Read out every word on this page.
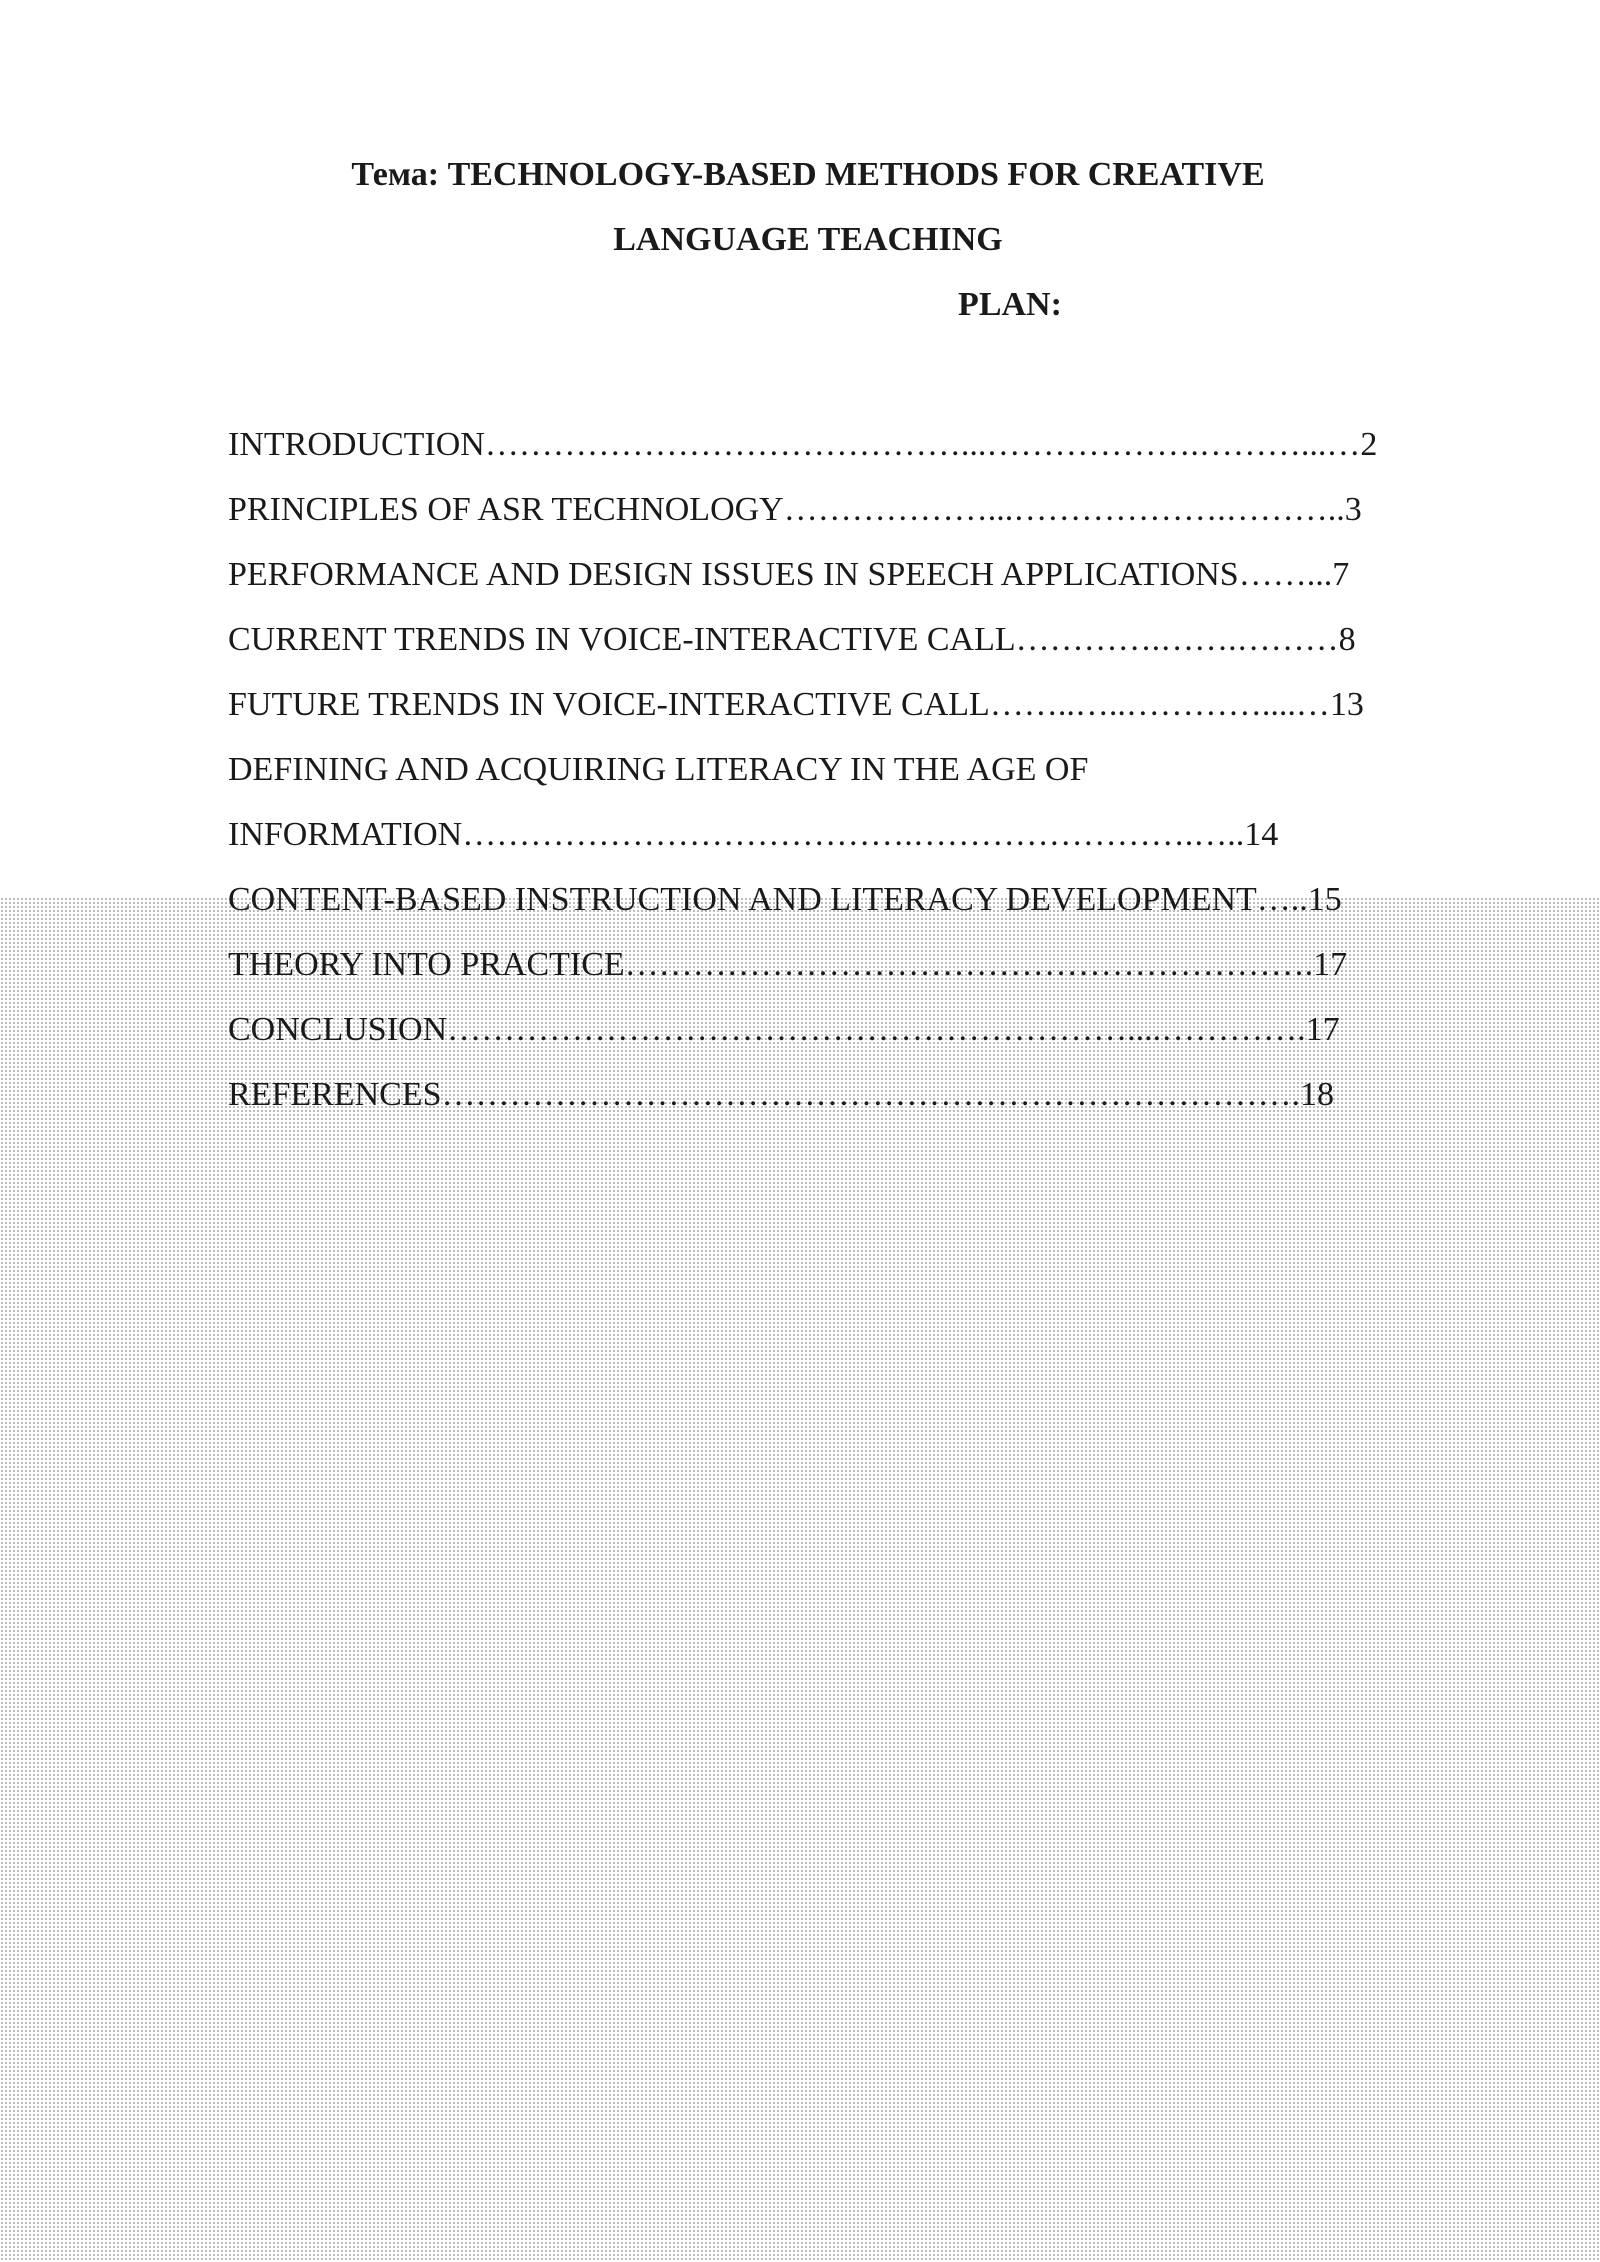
Тема: TECHNOLOGY-BASED METHODS FOR CREATIVE
LANGUAGE TEACHING
PLAN:
INTRODUCTION……………………………………...……………….………...…2
PRINCIPLES OF ASR TECHNOLOGY………………...……………….………..3
PERFORMANCE AND DESIGN ISSUES IN SPEECH APPLICATIONS……...7
CURRENT TRENDS IN VOICE-INTERACTIVE CALL………….…….………8
FUTURE TRENDS IN VOICE-INTERACTIVE CALL……..…..…………....…13
DEFINING AND ACQUIRING LITERACY IN THE AGE OF
INFORMATION………………………………….…………………….…..14
CONTENT-BASED INSTRUCTION AND LITERACY DEVELOPMENT…..15
THEORY INTO PRACTICE…………………………………………………….17
CONCLUSION……………………………………………………....………….17
REFERENCES………………………………………………………………….18
